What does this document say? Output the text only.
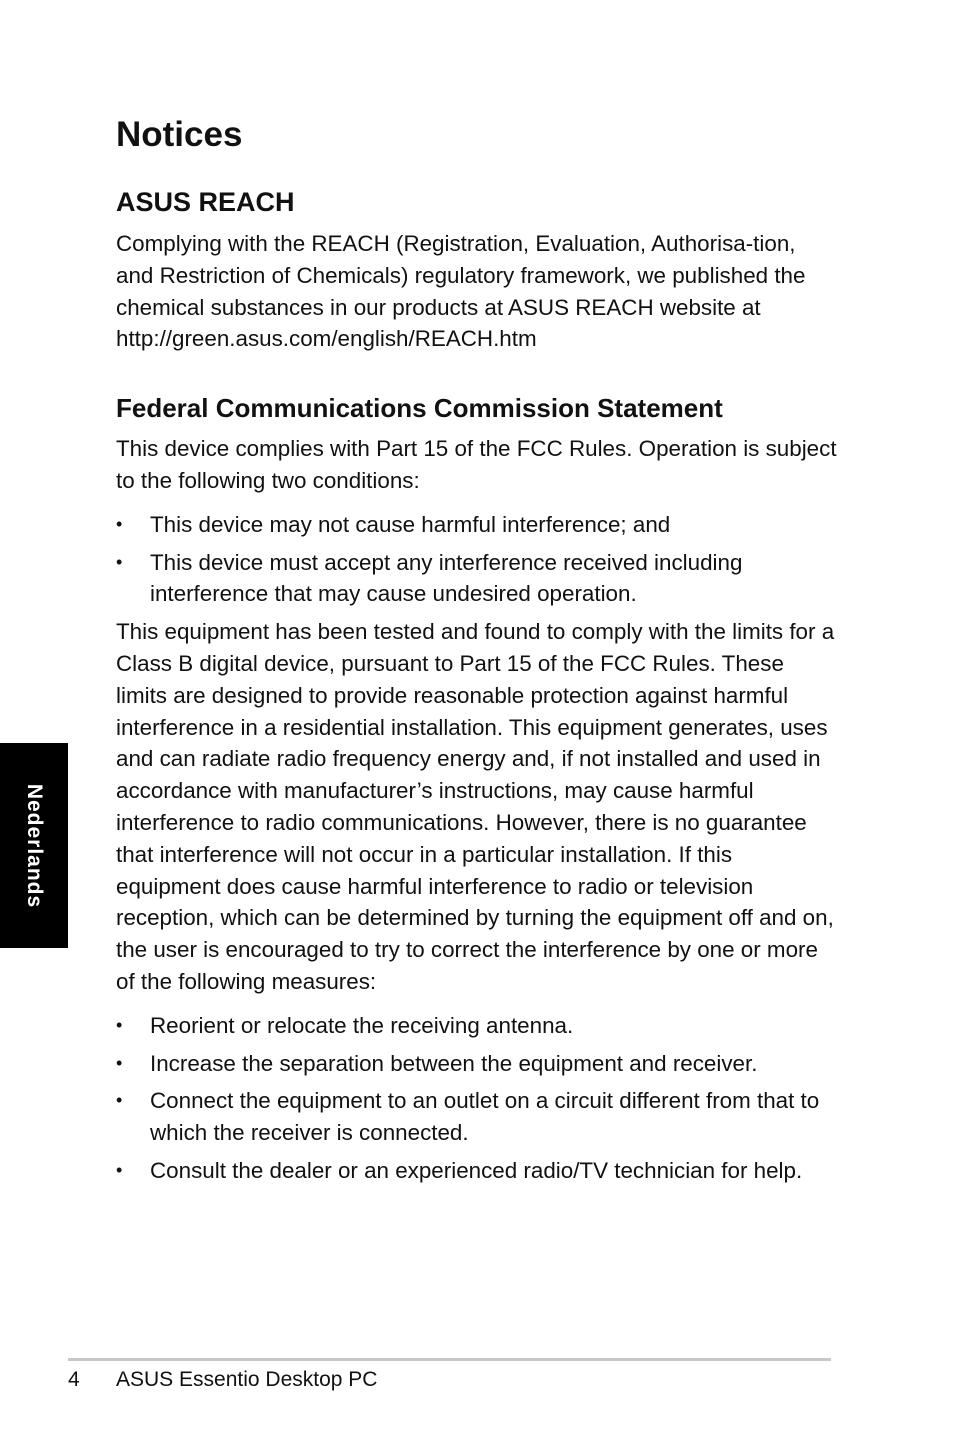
Nederlands
Notices
ASUS REACH

Complying with the REACH (Registration, Evaluation, Authorisa-tion, and Restriction of Chemicals) regulatory framework, we published the chemical substances in our products at ASUS REACH website at http://green.asus.com/english/REACH.htm

Federal Communications Commission Statement

This device complies with Part 15 of the FCC Rules. Operation is subject to the following two conditions:

• This device may not cause harmful interference; and
• This device must accept any interference received including interference that may cause undesired operation.

This equipment has been tested and found to comply with the limits for a Class B digital device, pursuant to Part 15 of the FCC Rules. These limits are designed to provide reasonable protection against harmful interference in a residential installation. This equipment generates, uses and can radiate radio frequency energy and, if not installed and used in accordance with manufacturer’s instructions, may cause harmful interference to radio communications. However, there is no guarantee that interference will not occur in a particular installation. If this equipment does cause harmful interference to radio or television reception, which can be determined by turning the equipment off and on, the user is encouraged to try to correct the interference by one or more of the following measures:

• Reorient or relocate the receiving antenna.
• Increase the separation between the equipment and receiver.
• Connect the equipment to an outlet on a circuit different from that to which the receiver is connected.
• Consult the dealer or an experienced radio/TV technician for help.
4 ASUS Essentio Desktop PC
